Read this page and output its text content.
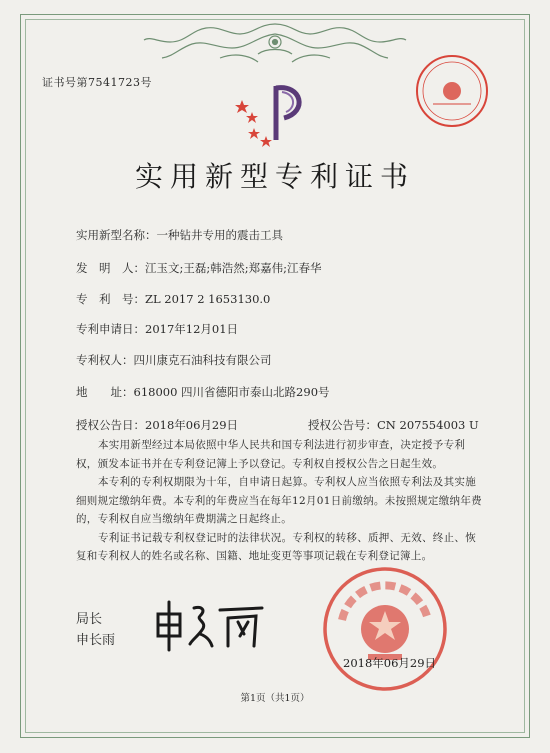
证书号第7541723号
实用新型专利证书
实用新型名称：一种钻井专用的震击工具
发　明　人：江玉文;王磊;韩浩然;郑嘉伟;江春华
专　利　号：ZL 2017 2 1653130.0
专利申请日：2017年12月01日
专利权人：四川康克石油科技有限公司
地　　址：618000 四川省德阳市泰山北路290号
授权公告日：2018年06月29日	授权公告号：CN 207554003 U

本实用新型经过本局依照中华人民共和国专利法进行初步审查，决定授予专利权，颁发本证书并在专利登记簿上予以登记。专利权自授权公告之日起生效。

本专利的专利权期限为十年，自申请日起算。专利权人应当依照专利法及其实施细则规定缴纳年费。本专利的年费应当在每年12月01日前缴纳。未按照规定缴纳年费的，专利权自应当缴纳年费期满之日起终止。

专利证书记载专利权登记时的法律状况。专利权的转移、质押、无效、终止、恢复和专利权人的姓名或名称、国籍、地址变更等事项记载在专利登记簿上。

局长
申长雨
2018年06月29日
第1页（共1页）
